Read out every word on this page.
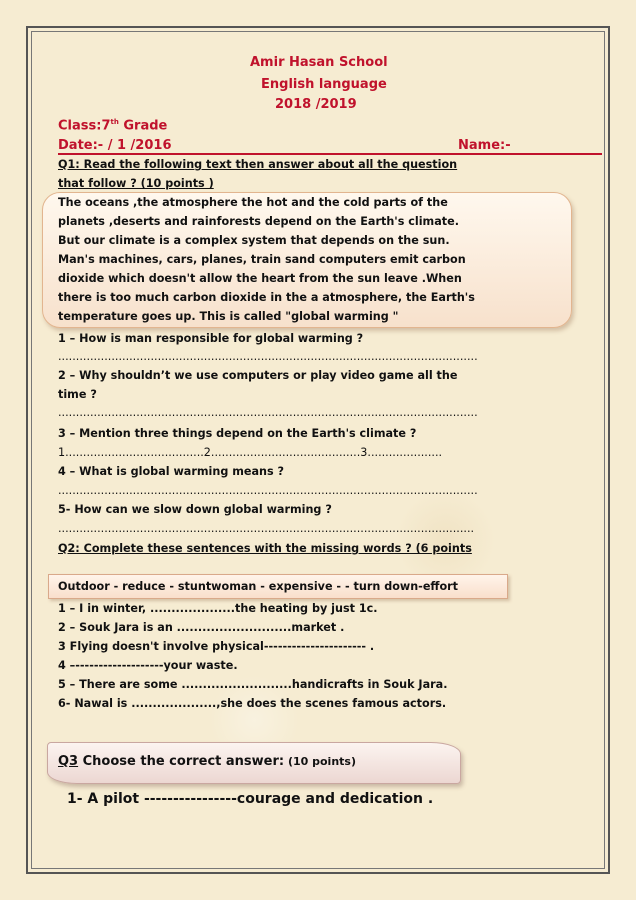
Amir Hasan School
English language
2018 /2019
Class:7th Grade
Date:- / 1 /2016	Name:-
Q1: Read the following text then answer about all the question
that follow ? (10 points )
The oceans ,the atmosphere the hot and the cold parts of the
planets ,deserts and rainforests depend on the Earth's climate.
But our climate is a complex system that depends on the sun.
Man's machines, cars, planes, train sand computers emit carbon
dioxide which doesn't allow the heart from the sun leave .When
there is too much carbon dioxide in the a atmosphere, the Earth's
temperature goes up. This is called "global warming "
1 – How is man responsible for global warming ?
......................................................................................................................
2 – Why shouldn’t we use computers or play video game all the
time ?
......................................................................................................................
3 – Mention three things depend on the Earth's climate ?
1.......................................2..........................................3.....................
4 – What is global warming means ?
......................................................................................................................
5- How can we slow down global warming ?
.....................................................................................................................
Q2: Complete these sentences with the missing words ? (6 points
Outdoor - reduce - stuntwoman - expensive - - turn down-effort
1 – I in winter, ....................the heating by just 1c.
2 – Souk Jara is an ...........................market .
3 Flying doesn't involve physical---------------------- .
4 –-------------------your waste.
5 – There are some ..........................handicrafts in Souk Jara.
6- Nawal is ....................,she does the scenes famous actors.
Q3 Choose the correct answer: (10 points)
1- A pilot ----------------courage and dedication .
